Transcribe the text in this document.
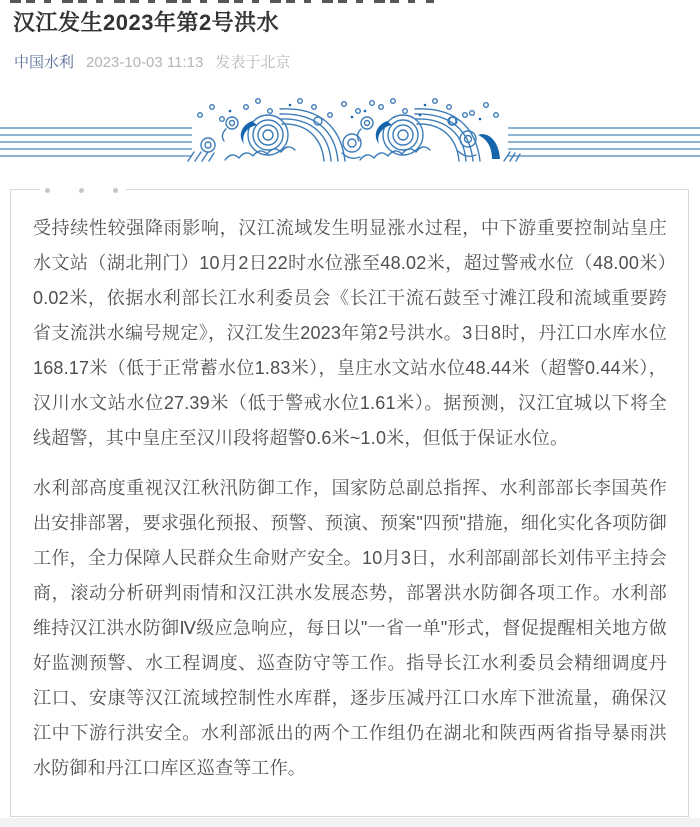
汉江发生2023年第2号洪水
中国水利 2023-10-03 11:13 发表于北京

受持续性较强降雨影响，汉江流域发生明显涨水过程，中下游重要控制站皇庄水文站（湖北荆门）10月2日22时水位涨至48.02米，超过警戒水位（48.00米）0.02米，依据水利部长江水利委员会《长江干流石鼓至寸滩江段和流域重要跨省支流洪水编号规定》，汉江发生2023年第2号洪水。3日8时，丹江口水库水位168.17米（低于正常蓄水位1.83米），皇庄水文站水位48.44米（超警0.44米），汉川水文站水位27.39米（低于警戒水位1.61米）。据预测，汉江宜城以下将全线超警，其中皇庄至汉川段将超警0.6米~1.0米，但低于保证水位。

水利部高度重视汉江秋汛防御工作，国家防总副总指挥、水利部部长李国英作出安排部署，要求强化预报、预警、预演、预案"四预"措施，细化实化各项防御工作，全力保障人民群众生命财产安全。10月3日，水利部副部长刘伟平主持会商，滚动分析研判雨情和汉江洪水发展态势，部署洪水防御各项工作。水利部维持汉江洪水防御Ⅳ级应急响应，每日以"一省一单"形式，督促提醒相关地方做好监测预警、水工程调度、巡查防守等工作。指导长江水利委员会精细调度丹江口、安康等汉江流域控制性水库群，逐步压减丹江口水库下泄流量，确保汉江中下游行洪安全。水利部派出的两个工作组仍在湖北和陕西两省指导暴雨洪水防御和丹江口库区巡查等工作。
